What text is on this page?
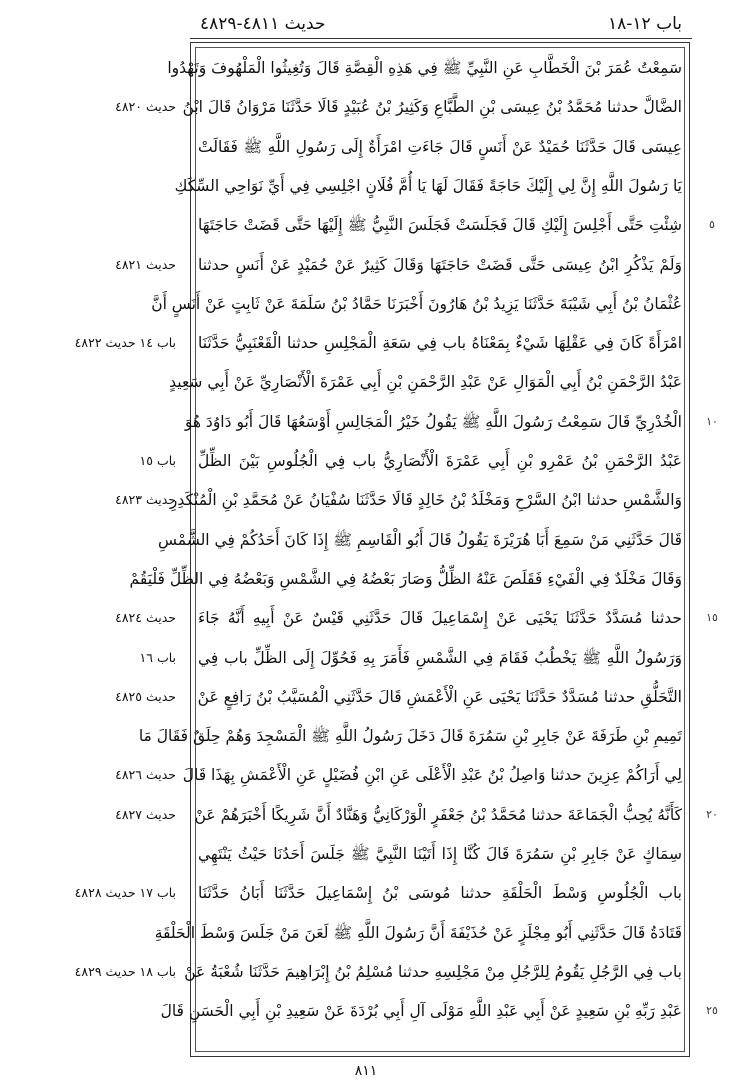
باب ١٢-١٨
حديث ٤٨١١-٤٨٢٩
سَمِعْتُ عُمَرَ بْنَ الْخَطَّابِ عَنِ النَّبِيِّ ﷺ فِي هَذِهِ الْقِصَّةِ قَالَ وَتُغِيثُوا الْمَلْهُوفَ وَتَهْدُوا
الضَّالَّ حدثنا مُحَمَّدُ بْنُ عِيسَى بْنِ الطَّبَّاعِ وَكَثِيرُ بْنُ عُبَيْدٍ قَالَا حَدَّثَنَا مَرْوَانُ قَالَ ابْنُ
عِيسَى قَالَ حَدَّثَنَا حُمَيْدٌ عَنْ أَنَسٍ قَالَ جَاءَتِ امْرَأَةٌ إِلَى رَسُولِ اللَّهِ ﷺ فَقَالَتْ
يَا رَسُولَ اللَّهِ إِنَّ لِي إِلَيْكَ حَاجَةً فَقَالَ لَهَا يَا أُمَّ فُلَانٍ اجْلِسِي فِي أَيِّ نَوَاحِي السِّكَكِ
شِئْتِ حَتَّى أَجْلِسَ إِلَيْكِ قَالَ فَجَلَسَتْ فَجَلَسَ النَّبِيُّ ﷺ إِلَيْهَا حَتَّى قَضَتْ حَاجَتَهَا
وَلَمْ يَذْكُرِ ابْنُ عِيسَى حَتَّى قَضَتْ حَاجَتَهَا وَقَالَ كَثِيرٌ عَنْ حُمَيْدٍ عَنْ أَنَسٍ حدثنا
عُثْمَانُ بْنُ أَبِي شَيْبَةَ حَدَّثَنَا يَزِيدُ بْنُ هَارُونَ أَخْبَرَنَا حَمَّادُ بْنُ سَلَمَةَ عَنْ ثَابِتٍ عَنْ أَنَسٍ أَنَّ
امْرَأَةً كَانَ فِي عَقْلِهَا شَيْءٌ بِمَعْنَاهُ باب فِي سَعَةِ الْمَجْلِسِ حدثنا الْقَعْنَبِيُّ حَدَّثَنَا
عَبْدُ الرَّحْمَنِ بْنُ أَبِي الْمَوَالِ عَنْ عَبْدِ الرَّحْمَنِ بْنِ أَبِي عَمْرَةَ الْأَنْصَارِيِّ عَنْ أَبِي سَعِيدٍ
الْخُدْرِيِّ قَالَ سَمِعْتُ رَسُولَ اللَّهِ ﷺ يَقُولُ خَيْرُ الْمَجَالِسِ أَوْسَعُهَا قَالَ أَبُو دَاوُدَ هُوَ
عَبْدُ الرَّحْمَنِ بْنُ عَمْرِو بْنِ أَبِي عَمْرَةَ الْأَنْصَارِيُّ باب فِي الْجُلُوسِ بَيْنَ الظِّلِّ
وَالشَّمْسِ حدثنا ابْنُ السَّرْحِ وَمَخْلَدُ بْنُ خَالِدٍ قَالَا حَدَّثَنَا سُفْيَانُ عَنْ مُحَمَّدِ بْنِ الْمُنْكَدِرِ
قَالَ حَدَّثَنِي مَنْ سَمِعَ أَبَا هُرَيْرَةَ يَقُولُ قَالَ أَبُو الْقَاسِمِ ﷺ إِذَا كَانَ أَحَدُكُمْ فِي الشَّمْسِ
وَقَالَ مَخْلَدٌ فِي الْفَيْءِ فَقَلَصَ عَنْهُ الظِّلُّ وَصَارَ بَعْضُهُ فِي الشَّمْسِ وَبَعْضُهُ فِي الظِّلِّ فَلْيَقُمْ
حدثنا مُسَدَّدٌ حَدَّثَنَا يَحْيَى عَنْ إِسْمَاعِيلَ قَالَ حَدَّثَنِي قَيْسٌ عَنْ أَبِيهِ أَنَّهُ جَاءَ
وَرَسُولُ اللَّهِ ﷺ يَخْطُبُ فَقَامَ فِي الشَّمْسِ فَأَمَرَ بِهِ فَحُوِّلَ إِلَى الظِّلِّ باب فِي
التَّحَلُّقِ حدثنا مُسَدَّدٌ حَدَّثَنَا يَحْيَى عَنِ الْأَعْمَشِ قَالَ حَدَّثَنِي الْمُسَيَّبُ بْنُ رَافِعٍ عَنْ
تَمِيمِ بْنِ طَرَفَةَ عَنْ جَابِرِ بْنِ سَمُرَةَ قَالَ دَخَلَ رَسُولُ اللَّهِ ﷺ الْمَسْجِدَ وَهُمْ حِلَقٌ فَقَالَ مَا
لِي أَرَاكُمْ عِزِينَ حدثنا وَاصِلُ بْنُ عَبْدِ الْأَعْلَى عَنِ ابْنِ فُضَيْلٍ عَنِ الْأَعْمَشِ بِهَذَا قَالَ
كَأَنَّهُ يُحِبُّ الْجَمَاعَةَ حدثنا مُحَمَّدُ بْنُ جَعْفَرٍ الْوَرْكَانِيُّ وَهَنَّادٌ أَنَّ شَرِيكًا أَخْبَرَهُمْ عَنْ
سِمَاكٍ عَنْ جَابِرِ بْنِ سَمُرَةَ قَالَ كُنَّا إِذَا أَتَيْنَا النَّبِيَّ ﷺ جَلَسَ أَحَدُنَا حَيْثُ يَنْتَهِي
باب الْجُلُوسِ وَسْطَ الْحَلْقَةِ حدثنا مُوسَى بْنُ إِسْمَاعِيلَ حَدَّثَنَا أَبَانُ حَدَّثَنَا
قَتَادَةُ قَالَ حَدَّثَنِي أَبُو مِجْلَزٍ عَنْ حُذَيْفَةَ أَنَّ رَسُولَ اللَّهِ ﷺ لَعَنَ مَنْ جَلَسَ وَسْطَ الْحَلْقَةِ
باب فِي الرَّجُلِ يَقُومُ لِلرَّجُلِ مِنْ مَجْلِسِهِ حدثنا مُسْلِمُ بْنُ إِبْرَاهِيمَ حَدَّثَنَا شُعْبَةُ عَنْ
عَبْدِ رَبِّهِ بْنِ سَعِيدٍ عَنْ أَبِي عَبْدِ اللَّهِ مَوْلَى آلِ أَبِي بُرْدَةَ عَنْ سَعِيدِ بْنِ أَبِي الْحَسَنِ قَالَ
حديث ٤٨٢٠
حديث ٤٨٢١
باب ١٤ حديث ٤٨٢٢
باب ١٥
حديث ٤٨٢٣
حديث ٤٨٢٤
باب ١٦
حديث ٤٨٢٥
حديث ٤٨٢٦
حديث ٤٨٢٧
باب ١٧ حديث ٤٨٢٨
باب ١٨ حديث ٤٨٢٩
٥
١٠
١٥
٢٠
٢٥
٨١١
